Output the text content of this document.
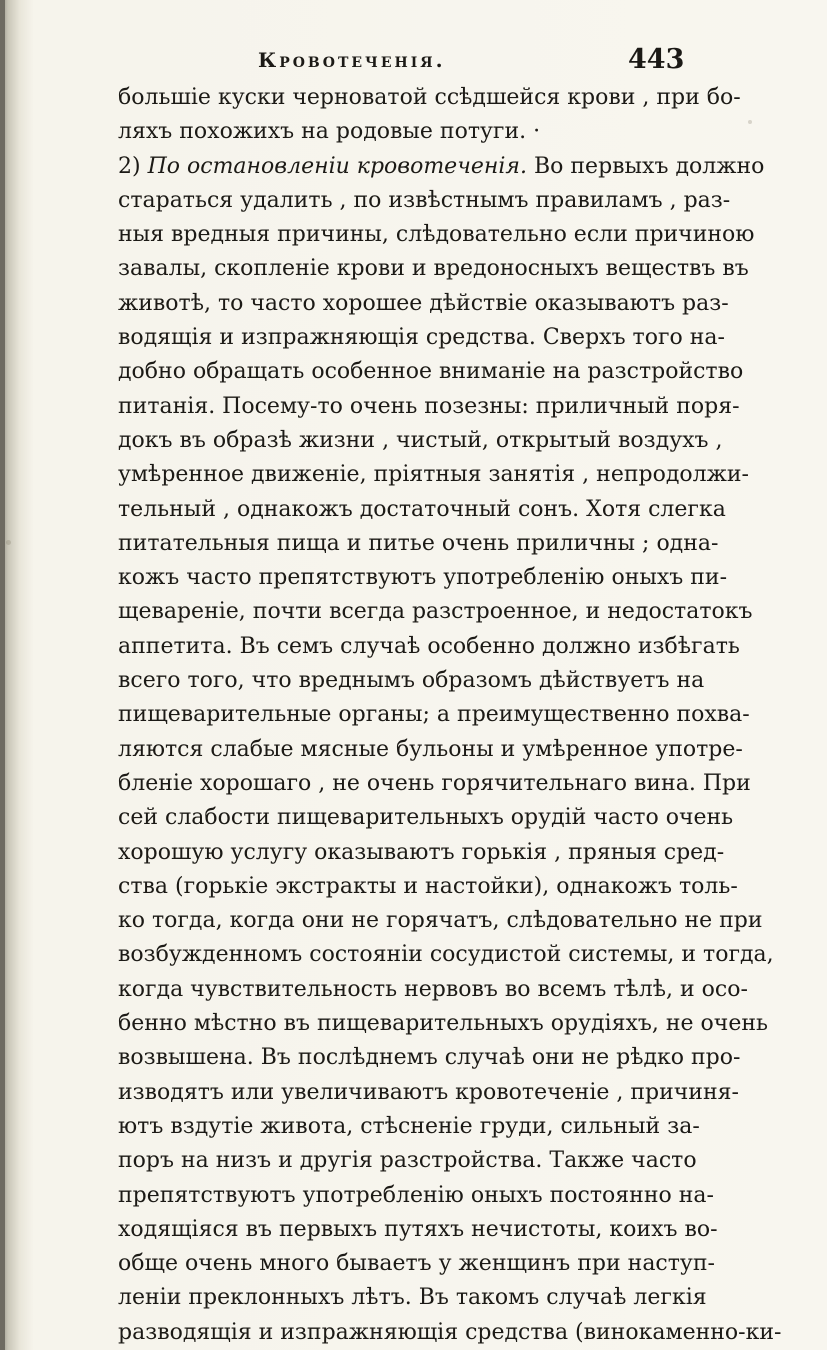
Кровотеченія.	443
большіе куски черноватой ссѣдшейся крови , при бо-
ляхъ похожихъ на родовые потуги. ·
2) По остановленіи кровотеченія. Во первыхъ должно
стараться удалить , по извѣстнымъ правиламъ , раз-
ныя вредныя причины, слѣдовательно если причиною
завалы, скопленіе крови и вредоносныхъ веществъ въ
животѣ, то часто хорошее дѣйствіе оказываютъ раз-
водящія и изпражняющія средства. Сверхъ того на-
добно обращать особенное вниманіе на разстройство
питанія. Посему-то очень позезны: приличный поря-
докъ въ образѣ жизни , чистый, открытый воздухъ ,
умѣренное движеніе, пріятныя занятія , непродолжи-
тельный , однакожъ достаточный сонъ. Хотя слегка
питательныя пища и питье очень приличны ; одна-
кожъ часто препятствуютъ употребленію оныхъ пи-
щевареніе, почти всегда разстроенное, и недостатокъ
аппетита. Въ семъ случаѣ особенно должно избѣгать
всего того, что вреднымъ образомъ дѣйствуетъ на
пищеварительные органы; а преимущественно похва-
ляются слабые мясные бульоны и умѣренное употре-
бленіе хорошаго , не очень горячительнаго вина. При
сей слабости пищеварительныхъ орудій часто очень
хорошую услугу оказываютъ горькія , пряныя сред-
ства (горькіе экстракты и настойки), однакожъ толь-
ко тогда, когда они не горячатъ, слѣдовательно не при
возбужденномъ состояніи сосудистой системы, и тогда,
когда чувствительность нервовъ во всемъ тѣлѣ, и осо-
бенно мѣстно въ пищеварительныхъ орудіяхъ, не очень
возвышена. Въ послѣднемъ случаѣ они не рѣдко про-
изводятъ или увеличиваютъ кровотеченіе , причиня-
ютъ вздутіе живота, стѣсненіе груди, сильный за-
поръ на низъ и другія разстройства. Также часто
препятствуютъ употребленію оныхъ постоянно на-
ходящіяся въ первыхъ путяхъ нечистоты, коихъ во-
обще очень много бываетъ у женщинъ при наступ-
леніи преклонныхъ лѣтъ. Въ такомъ случаѣ легкія
разводящія и изпражняющія средства (винокаменно-ки-
